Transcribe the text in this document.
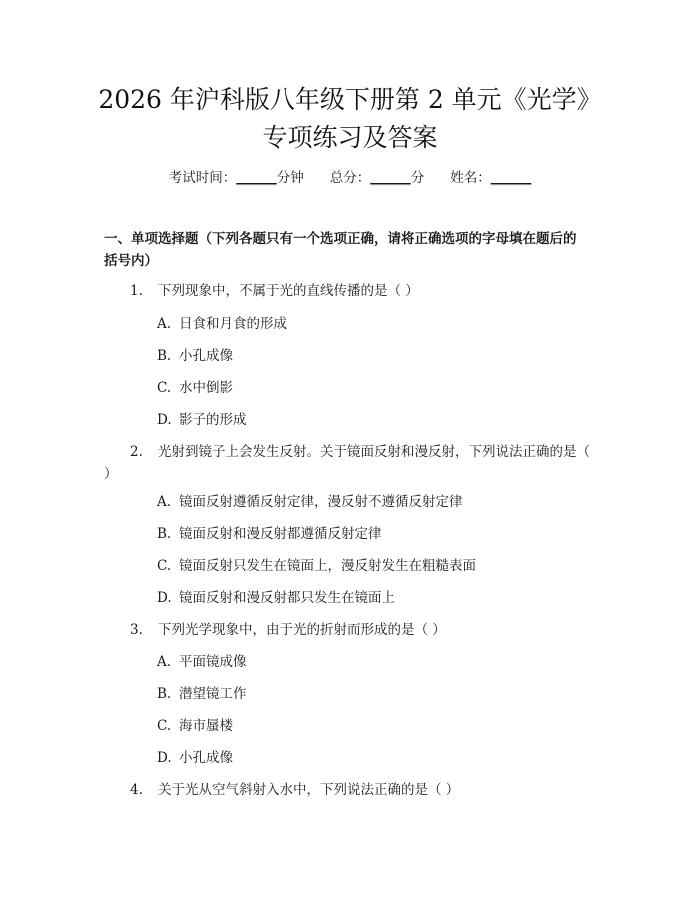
2026 年沪科版八年级下册第 2 单元《光学》
专项练习及答案
考试时间：______分钟 总分：______分 姓名：______
一、单项选择题（下列各题只有一个选项正确，请将正确选项的字母填在题后的
括号内）
1. 下列现象中，不属于光的直线传播的是（ ）
A. 日食和月食的形成
B. 小孔成像
C. 水中倒影
D. 影子的形成
2. 光射到镜子上会发生反射。关于镜面反射和漫反射，下列说法正确的是（ ）
A. 镜面反射遵循反射定律，漫反射不遵循反射定律
B. 镜面反射和漫反射都遵循反射定律
C. 镜面反射只发生在镜面上，漫反射发生在粗糙表面
D. 镜面反射和漫反射都只发生在镜面上
3. 下列光学现象中，由于光的折射而形成的是（ ）
A. 平面镜成像
B. 潜望镜工作
C. 海市蜃楼
D. 小孔成像
4. 关于光从空气斜射入水中，下列说法正确的是（ ）
